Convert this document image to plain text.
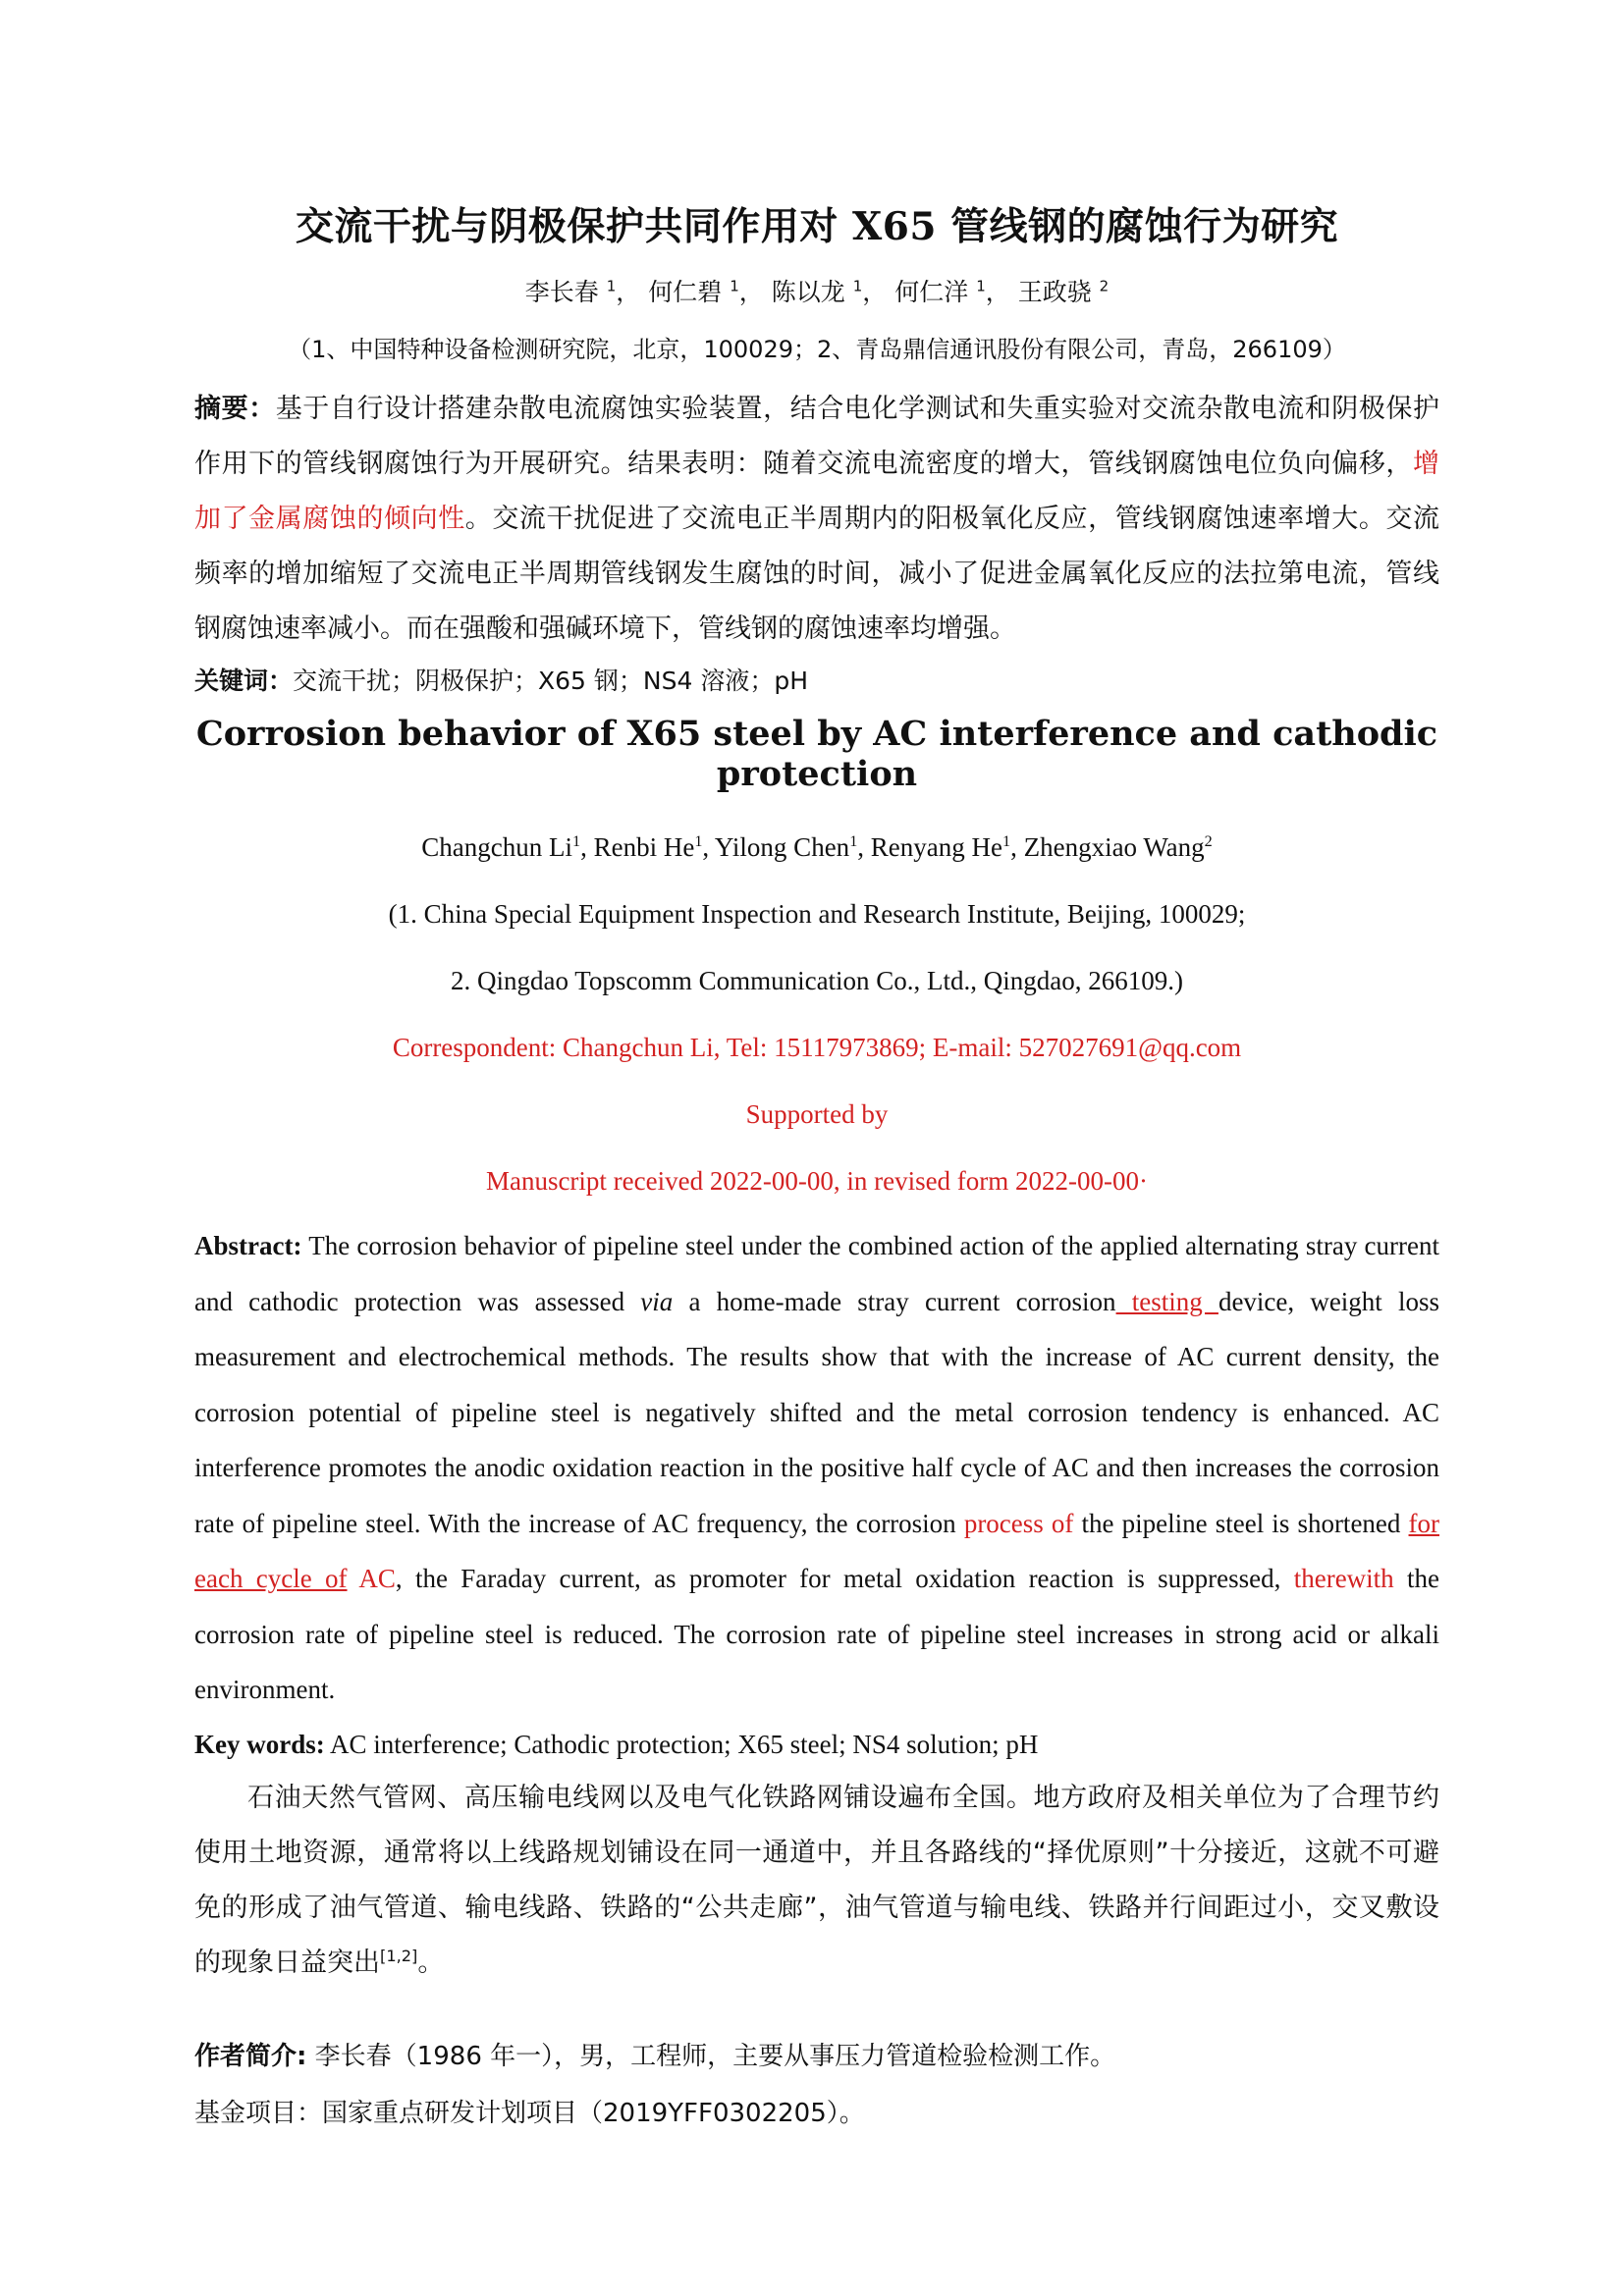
交流干扰与阴极保护共同作用对 X65 管线钢的腐蚀行为研究

李长春 $^1$， 何仁碧 $^1$， 陈以龙 $^1$， 何仁洋 $^1$， 王政骁 $^2$

（1、中国特种设备检测研究院，北京，100029；2、青岛鼎信通讯股份有限公司，青岛，266109）

摘要：基于自行设计搭建杂散电流腐蚀实验装置，结合电化学测试和失重实验对交流杂散电流和阴极保护作用下的管线钢腐蚀行为开展研究。结果表明：随着交流电流密度的增大，管线钢腐蚀电位负向偏移，增加了金属腐蚀的倾向性。交流干扰促进了交流电正半周期内的阳极氧化反应，管线钢腐蚀速率增大。交流频率的增加缩短了交流电正半周期管线钢发生腐蚀的时间，减小了促进金属氧化反应的法拉第电流，管线钢腐蚀速率减小。而在强酸和强碱环境下，管线钢的腐蚀速率均增强。

关键词：交流干扰；阴极保护；X65 钢；NS4 溶液；pH

Corrosion behavior of X65 steel by AC interference and cathodic protection

Changchun Li$^1$, Renbi He$^1$, Yilong Chen$^1$, Renyang He$^1$, Zhengxiao Wang$^2$

(1. China Special Equipment Inspection and Research Institute, Beijing, 100029;

2. Qingdao Topscomm Communication Co., Ltd., Qingdao, 266109.)

Correspondent: Changchun Li, Tel: 15117973869; E-mail: 527027691@qq.com

Supported by

Manuscript received 2022-00-00, in revised form 2022-00-00·

Abstract: The corrosion behavior of pipeline steel under the combined action of the applied alternating stray current and cathodic protection was assessed via a home-made stray current corrosion testing device, weight loss measurement and electrochemical methods. The results show that with the increase of AC current density, the corrosion potential of pipeline steel is negatively shifted and the metal corrosion tendency is enhanced. AC interference promotes the anodic oxidation reaction in the positive half cycle of AC and then increases the corrosion rate of pipeline steel. With the increase of AC frequency, the corrosion process of the pipeline steel is shortened for each cycle of AC, the Faraday current, as promoter for metal oxidation reaction is suppressed, therewith the corrosion rate of pipeline steel is reduced. The corrosion rate of pipeline steel increases in strong acid or alkali environment.

Key words: AC interference; Cathodic protection; X65 steel; NS4 solution; pH

石油天然气管网、高压输电线网以及电气化铁路网铺设遍布全国。地方政府及相关单位为了合理节约使用土地资源，通常将以上线路规划铺设在同一通道中，并且各路线的“择优原则”十分接近，这就不可避免的形成了油气管道、输电线路、铁路的“公共走廊”，油气管道与输电线、铁路并行间距过小，交叉敷设的现象日益突出[1,2]。

作者简介: 李长春（1986 年一），男，工程师，主要从事压力管道检验检测工作。

基金项目：国家重点研发计划项目（2019YFF0302205）。
